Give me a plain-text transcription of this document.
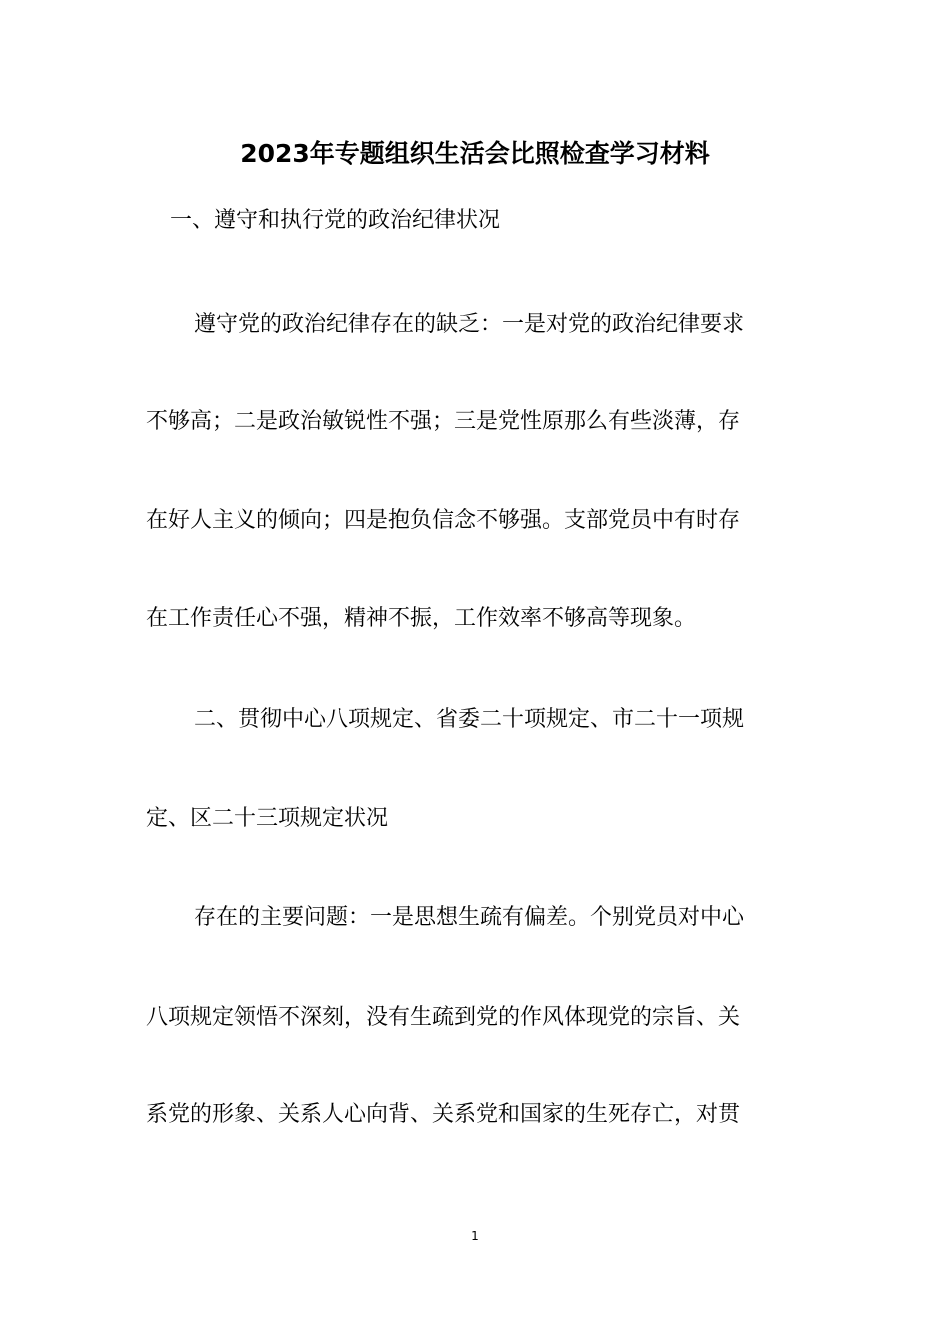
2023年专题组织生活会比照检查学习材料

一、遵守和执行党的政治纪律状况

遵守党的政治纪律存在的缺乏：一是对党的政治纪律要求

不够高；二是政治敏锐性不强；三是党性原那么有些淡薄，存

在好人主义的倾向；四是抱负信念不够强。支部党员中有时存

在工作责任心不强，精神不振，工作效率不够高等现象。

二、贯彻中心八项规定、省委二十项规定、市二十一项规

定、区二十三项规定状况

存在的主要问题：一是思想生疏有偏差。个别党员对中心

八项规定领悟不深刻，没有生疏到党的作风体现党的宗旨、关

系党的形象、关系人心向背、关系党和国家的生死存亡，对贯

1
